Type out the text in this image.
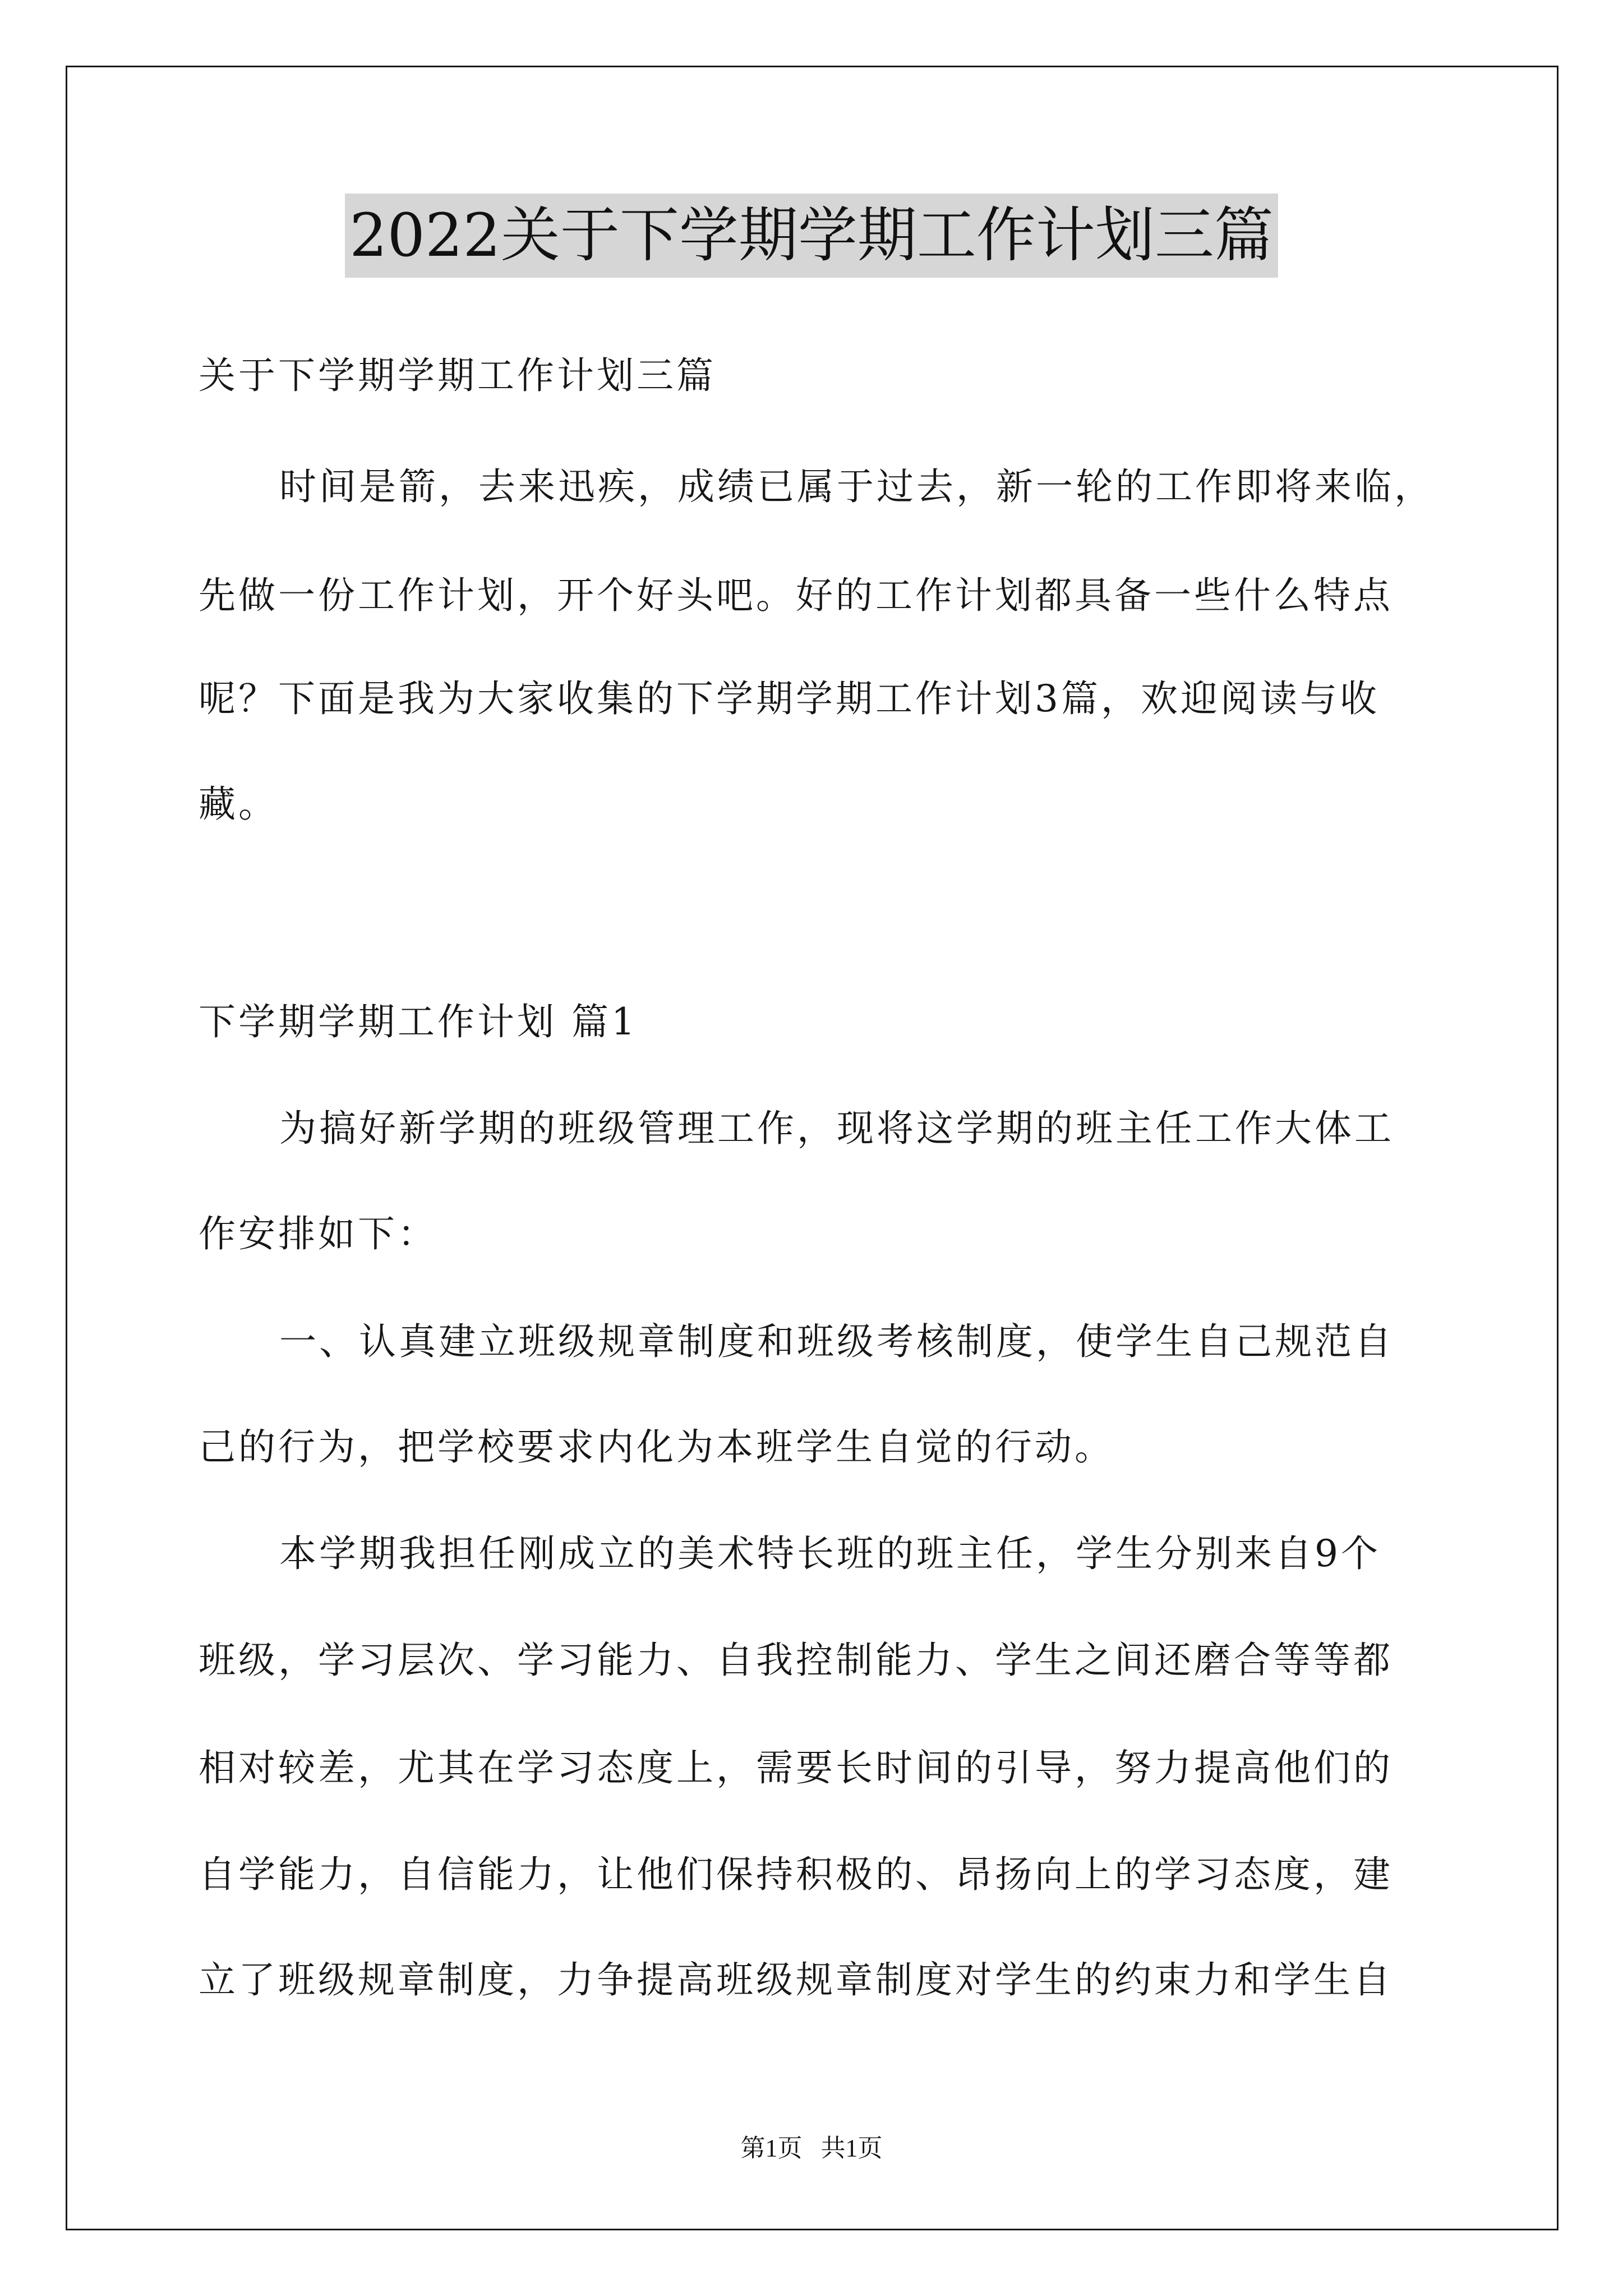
2022关于下学期学期工作计划三篇
关于下学期学期工作计划三篇
时间是箭，去来迅疾，成绩已属于过去，新一轮的工作即将来临，
先做一份工作计划，开个好头吧。好的工作计划都具备一些什么特点
呢？下面是我为大家收集的下学期学期工作计划3篇，欢迎阅读与收
藏。
下学期学期工作计划 篇1
为搞好新学期的班级管理工作，现将这学期的班主任工作大体工
作安排如下：
一、认真建立班级规章制度和班级考核制度，使学生自己规范自
己的行为，把学校要求内化为本班学生自觉的行动。
本学期我担任刚成立的美术特长班的班主任，学生分别来自9个
班级，学习层次、学习能力、自我控制能力、学生之间还磨合等等都
相对较差，尤其在学习态度上，需要长时间的引导，努力提高他们的
自学能力，自信能力，让他们保持积极的、昂扬向上的学习态度，建
立了班级规章制度，力争提高班级规章制度对学生的约束力和学生自
第1页   共1页
